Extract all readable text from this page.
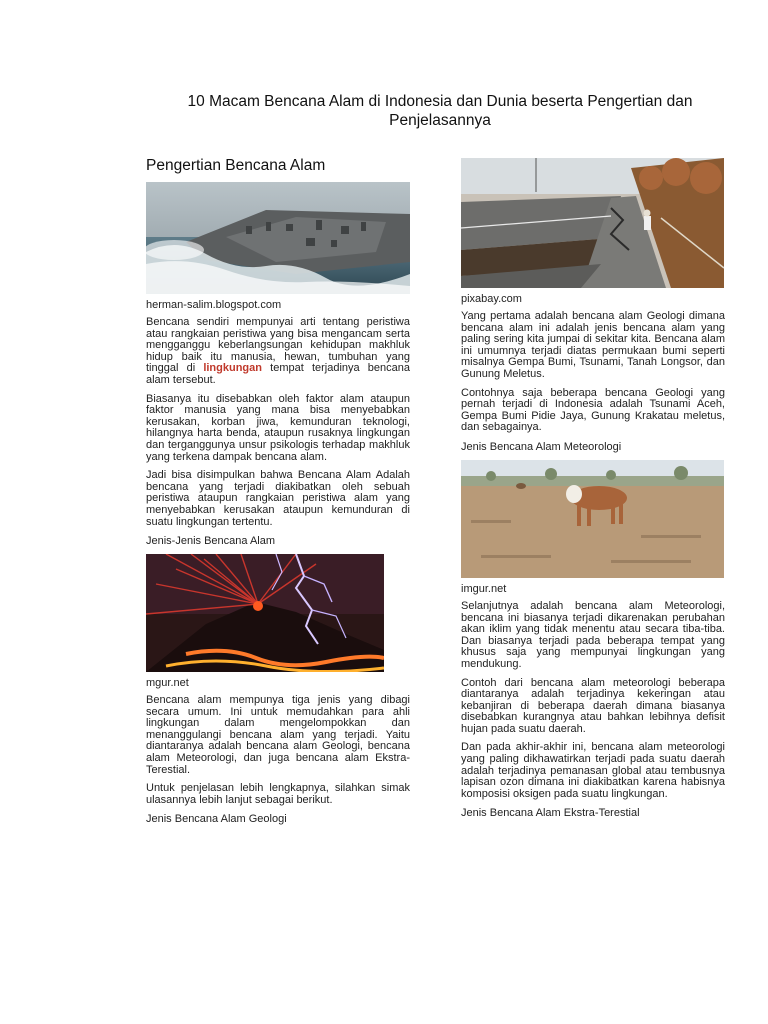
10 Macam Bencana Alam di Indonesia dan Dunia beserta Pengertian dan Penjelasannya
Pengertian Bencana Alam
herman-salim.blogspot.com

Bencana sendiri mempunyai arti tentang peristiwa atau rangkaian peristiwa yang bisa mengancam serta mengganggu keberlangsungan kehidupan makhluk hidup baik itu manusia, hewan, tumbuhan yang tinggal di lingkungan tempat terjadinya bencana alam tersebut.

Biasanya itu disebabkan oleh faktor alam ataupun faktor manusia yang mana bisa menyebabkan kerusakan, korban jiwa, kemunduran teknologi, hilangnya harta benda, ataupun rusaknya lingkungan dan terganggunya unsur psikologis terhadap makhluk yang terkena dampak bencana alam.

Jadi bisa disimpulkan bahwa Bencana Alam Adalah bencana yang terjadi diakibatkan oleh sebuah peristiwa ataupun rangkaian peristiwa alam yang menyebabkan kerusakan ataupun kemunduran di suatu lingkungan tertentu.

Jenis-Jenis Bencana Alam
mgur.net

Bencana alam mempunya tiga jenis yang dibagi secara umum. Ini untuk memudahkan para ahli lingkungan dalam mengelompokkan dan menanggulangi bencana alam yang terjadi. Yaitu diantaranya adalah bencana alam Geologi, bencana alam Meteorologi, dan juga bencana alam Ekstra-Terestial.

Untuk penjelasan lebih lengkapnya, silahkan simak ulasannya lebih lanjut sebagai berikut.

Jenis Bencana Alam Geologi
pixabay.com

Yang pertama adalah bencana alam Geologi dimana bencana alam ini adalah jenis bencana alam yang paling sering kita jumpai di sekitar kita. Bencana alam ini umumnya terjadi diatas permukaan bumi seperti misalnya Gempa Bumi, Tsunami, Tanah Longsor, dan Gunung Meletus.

Contohnya saja beberapa bencana Geologi yang pernah terjadi di Indonesia adalah Tsunami Aceh, Gempa Bumi Pidie Jaya, Gunung Krakatau meletus, dan sebagainya.

Jenis Bencana Alam Meteorologi
imgur.net

Selanjutnya adalah bencana alam Meteorologi, bencana ini biasanya terjadi dikarenakan perubahan akan iklim yang tidak menentu atau secara tiba-tiba. Dan biasanya terjadi pada beberapa tempat yang khusus saja yang mempunyai lingkungan yang mendukung.

Contoh dari bencana alam meteorologi beberapa diantaranya adalah terjadinya kekeringan atau kebanjiran di beberapa daerah dimana biasanya disebabkan kurangnya atau bahkan lebihnya defisit hujan pada suatu daerah.

Dan pada akhir-akhir ini, bencana alam meteorologi yang paling dikhawatirkan terjadi pada suatu daerah adalah terjadinya pemanasan global atau tembusnya lapisan ozon dimana ini diakibatkan karena habisnya komposisi oksigen pada suatu lingkungan.

Jenis Bencana Alam Ekstra-Terestial
